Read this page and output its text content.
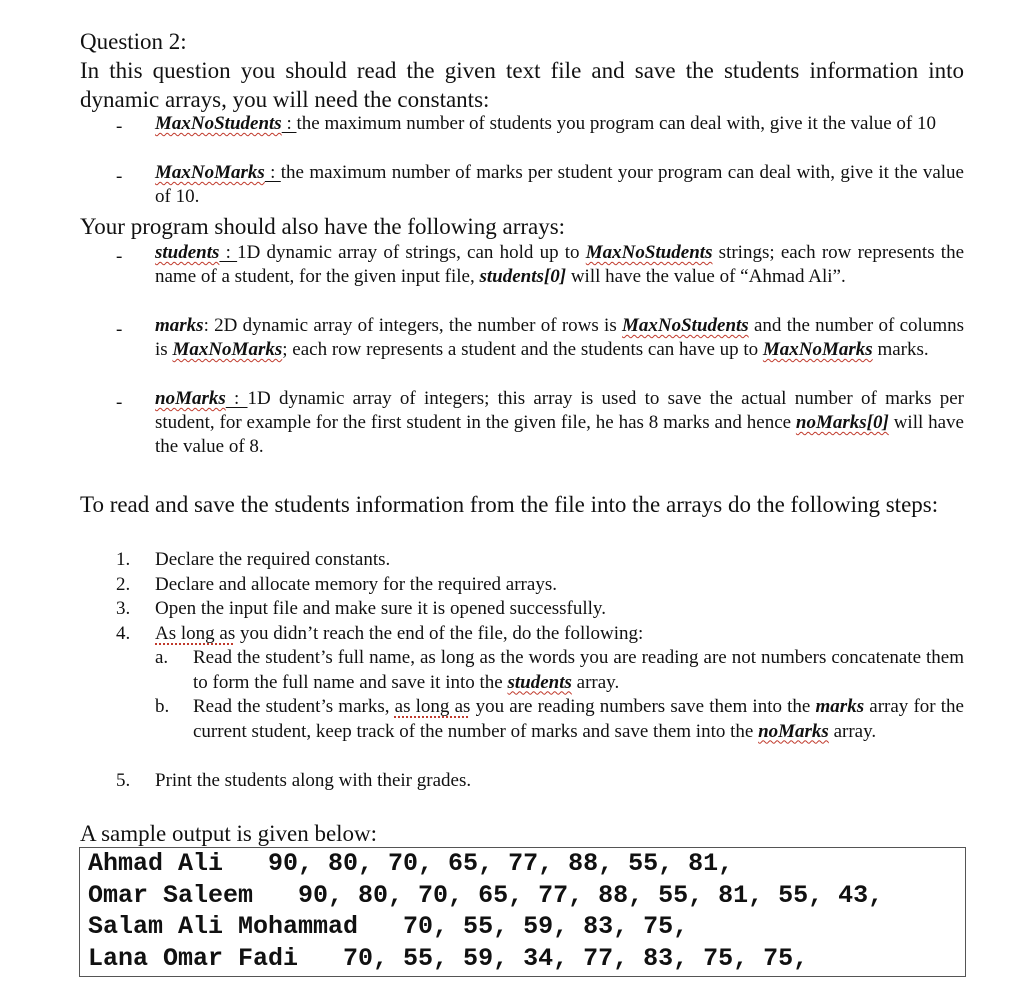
Question 2:
In this question you should read the given text file and save the students information into dynamic arrays, you will need the constants:
- MaxNoStudents : the maximum number of students you program can deal with, give it the value of 10
- MaxNoMarks : the maximum number of marks per student your program can deal with, give it the value of 10.
Your program should also have the following arrays:
- students : 1D dynamic array of strings, can hold up to MaxNoStudents strings; each row represents the name of a student, for the given input file, students[0] will have the value of “Ahmad Ali”.
- marks: 2D dynamic array of integers, the number of rows is MaxNoStudents and the number of columns is MaxNoMarks; each row represents a student and the students can have up to MaxNoMarks marks.
- noMarks : 1D dynamic array of integers; this array is used to save the actual number of marks per student, for example for the first student in the given file, he has 8 marks and hence noMarks[0] will have the value of 8.
To read and save the students information from the file into the arrays do the following steps:
1. Declare the required constants.
2. Declare and allocate memory for the required arrays.
3. Open the input file and make sure it is opened successfully.
4. As long as you didn’t reach the end of the file, do the following:
a. Read the student’s full name, as long as the words you are reading are not numbers concatenate them to form the full name and save it into the students array.
b. Read the student’s marks, as long as you are reading numbers save them into the marks array for the current student, keep track of the number of marks and save them into the noMarks array.
5. Print the students along with their grades.
A sample output is given below:
Ahmad Ali   90, 80, 70, 65, 77, 88, 55, 81,
Omar Saleem   90, 80, 70, 65, 77, 88, 55, 81, 55, 43,
Salam Ali Mohammad   70, 55, 59, 83, 75,
Lana Omar Fadi   70, 55, 59, 34, 77, 83, 75, 75,
